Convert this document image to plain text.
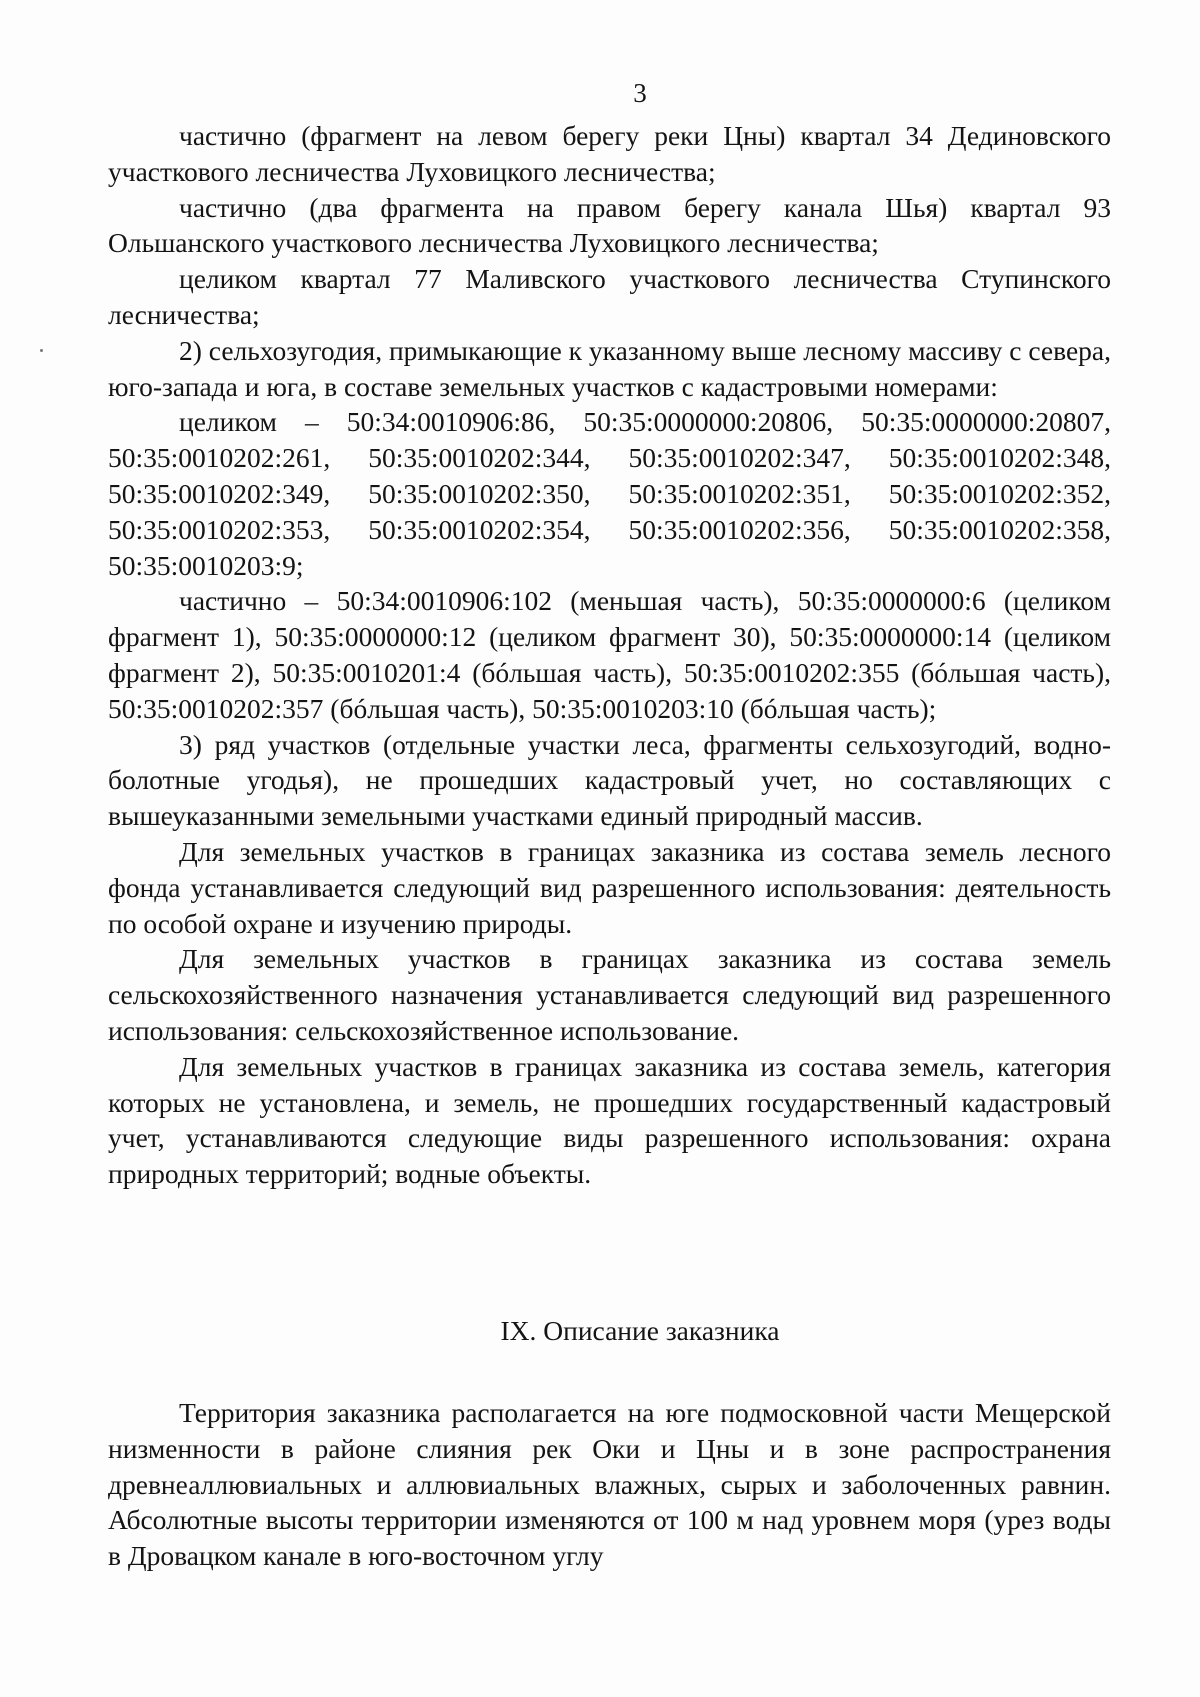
3

частично (фрагмент на левом берегу реки Цны) квартал 34 Дединовского участкового лесничества Луховицкого лесничества;

частично (два фрагмента на правом берегу канала Шья) квартал 93 Ольшанского участкового лесничества Луховицкого лесничества;

целиком квартал 77 Маливского участкового лесничества Ступинского лесничества;

2) сельхозугодия, примыкающие к указанному выше лесному массиву с севера, юго-запада и юга, в составе земельных участков с кадастровыми номерами:

целиком – 50:34:0010906:86, 50:35:0000000:20806, 50:35:0000000:20807, 50:35:0010202:261, 50:35:0010202:344, 50:35:0010202:347, 50:35:0010202:348, 50:35:0010202:349, 50:35:0010202:350, 50:35:0010202:351, 50:35:0010202:352, 50:35:0010202:353, 50:35:0010202:354, 50:35:0010202:356, 50:35:0010202:358, 50:35:0010203:9;

частично – 50:34:0010906:102 (меньшая часть), 50:35:0000000:6 (целиком фрагмент 1), 50:35:0000000:12 (целиком фрагмент 30), 50:35:0000000:14 (целиком фрагмент 2), 50:35:0010201:4 (бóльшая часть), 50:35:0010202:355 (бóльшая часть), 50:35:0010202:357 (бóльшая часть), 50:35:0010203:10 (бóльшая часть);

3) ряд участков (отдельные участки леса, фрагменты сельхозугодий, водно-болотные угодья), не прошедших кадастровый учет, но составляющих с вышеуказанными земельными участками единый природный массив.

Для земельных участков в границах заказника из состава земель лесного фонда устанавливается следующий вид разрешенного использования: деятельность по особой охране и изучению природы.

Для земельных участков в границах заказника из состава земель сельскохозяйственного назначения устанавливается следующий вид разрешенного использования: сельскохозяйственное использование.

Для земельных участков в границах заказника из состава земель, категория которых не установлена, и земель, не прошедших государственный кадастровый учет, устанавливаются следующие виды разрешенного использования: охрана природных территорий; водные объекты.

IX. Описание заказника

Территория заказника располагается на юге подмосковной части Мещерской низменности в районе слияния рек Оки и Цны и в зоне распространения древнеаллювиальных и аллювиальных влажных, сырых и заболоченных равнин. Абсолютные высоты территории изменяются от 100 м над уровнем моря (урез воды в Дровацком канале в юго-восточном углу
